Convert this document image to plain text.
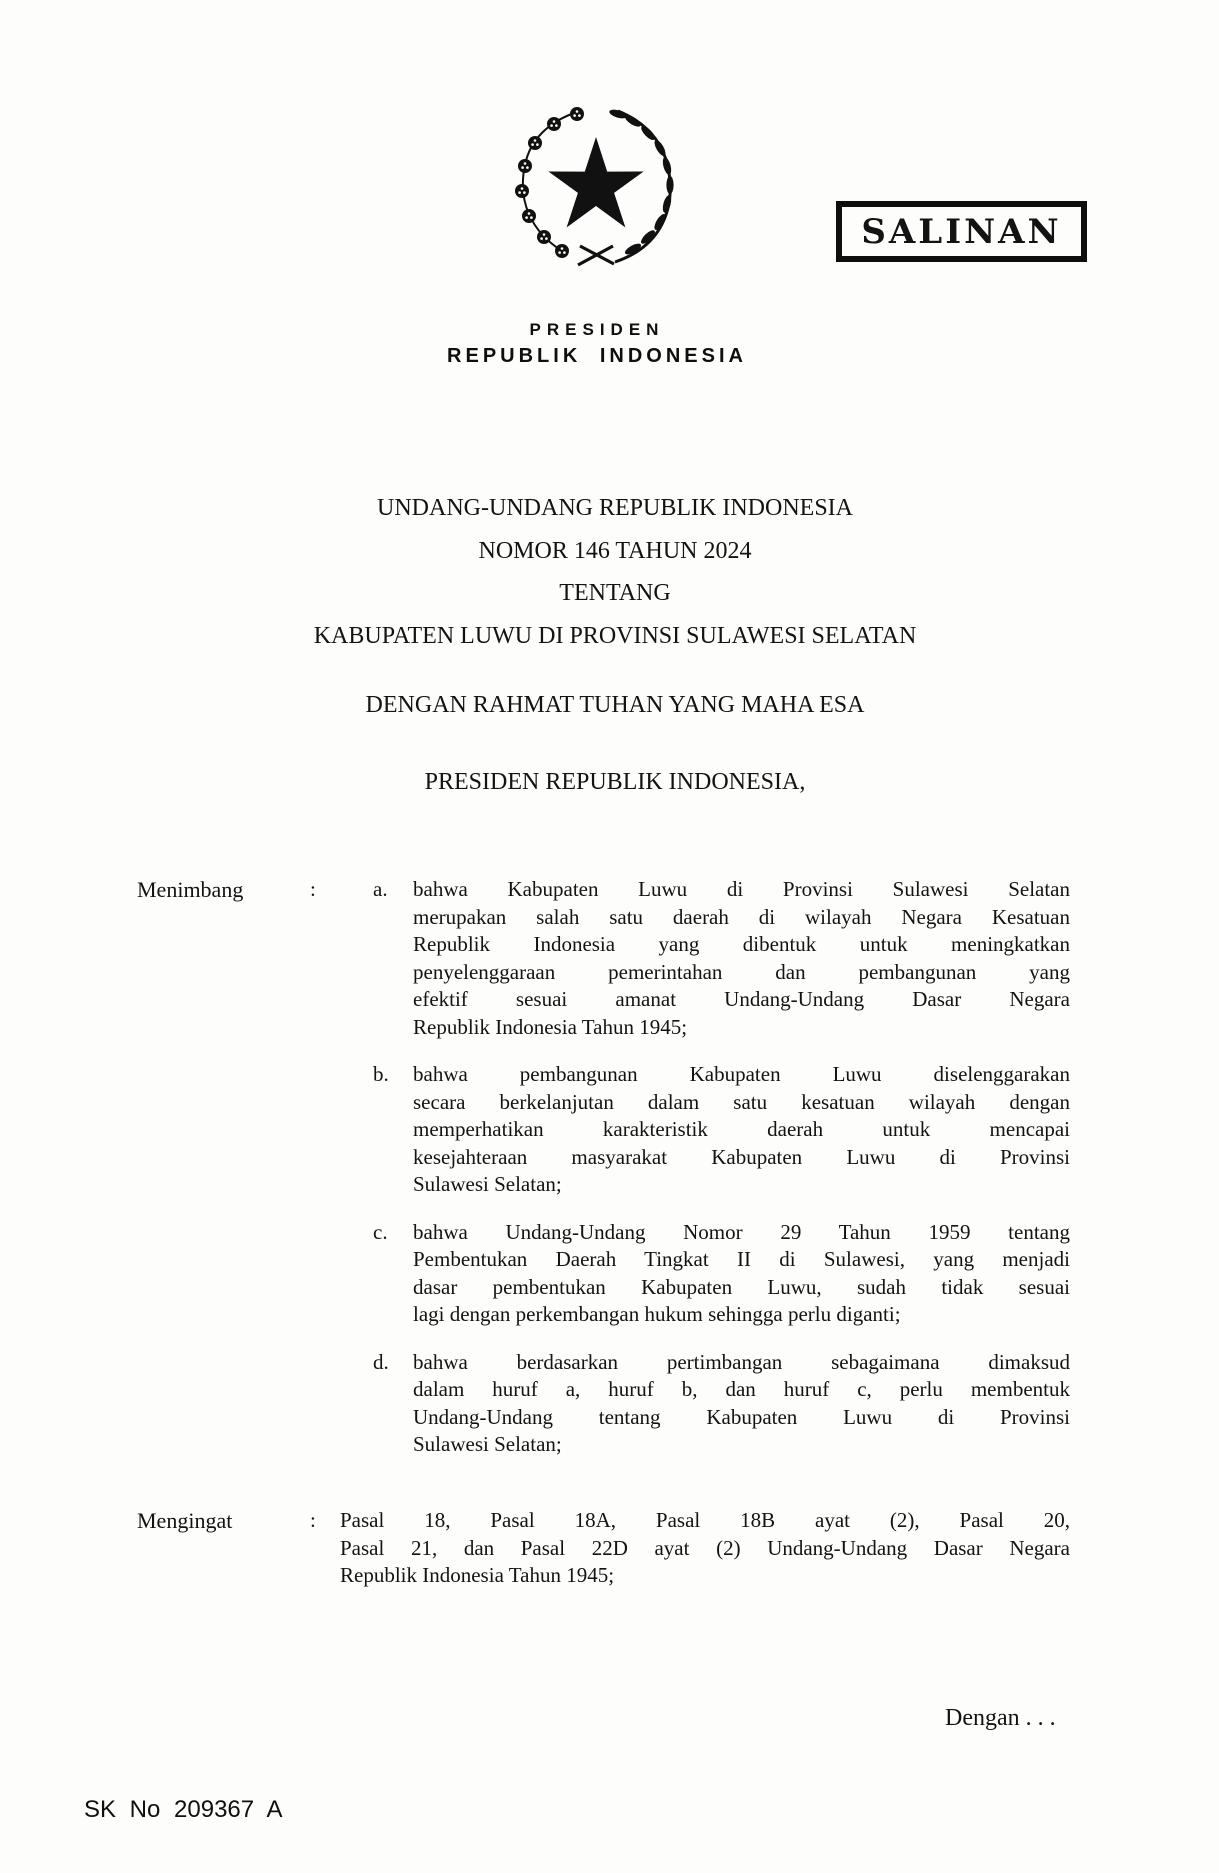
SALINAN
PRESIDEN
REPUBLIK INDONESIA
UNDANG-UNDANG REPUBLIK INDONESIA
NOMOR 146 TAHUN 2024
TENTANG
KABUPATEN LUWU DI PROVINSI SULAWESI SELATAN
DENGAN RAHMAT TUHAN YANG MAHA ESA
PRESIDEN REPUBLIK INDONESIA,
Menimbang	:	a.	bahwa Kabupaten Luwu di Provinsi Sulawesi Selatan
merupakan salah satu daerah di wilayah Negara Kesatuan
Republik Indonesia yang dibentuk untuk meningkatkan
penyelenggaraan pemerintahan dan pembangunan yang
efektif sesuai amanat Undang-Undang Dasar Negara
Republik Indonesia Tahun 1945;
b.	bahwa pembangunan Kabupaten Luwu diselenggarakan
secara berkelanjutan dalam satu kesatuan wilayah dengan
memperhatikan karakteristik daerah untuk mencapai
kesejahteraan masyarakat Kabupaten Luwu di Provinsi
Sulawesi Selatan;
c.	bahwa Undang-Undang Nomor 29 Tahun 1959 tentang
Pembentukan Daerah Tingkat II di Sulawesi, yang menjadi
dasar pembentukan Kabupaten Luwu, sudah tidak sesuai
lagi dengan perkembangan hukum sehingga perlu diganti;
d.	bahwa berdasarkan pertimbangan sebagaimana dimaksud
dalam huruf a, huruf b, dan huruf c, perlu membentuk
Undang-Undang tentang Kabupaten Luwu di Provinsi
Sulawesi Selatan;
Mengingat	:	Pasal 18, Pasal 18A, Pasal 18B ayat (2), Pasal 20,
Pasal 21, dan Pasal 22D ayat (2) Undang-Undang Dasar Negara
Republik Indonesia Tahun 1945;
Dengan . . .
SK No 209367 A
